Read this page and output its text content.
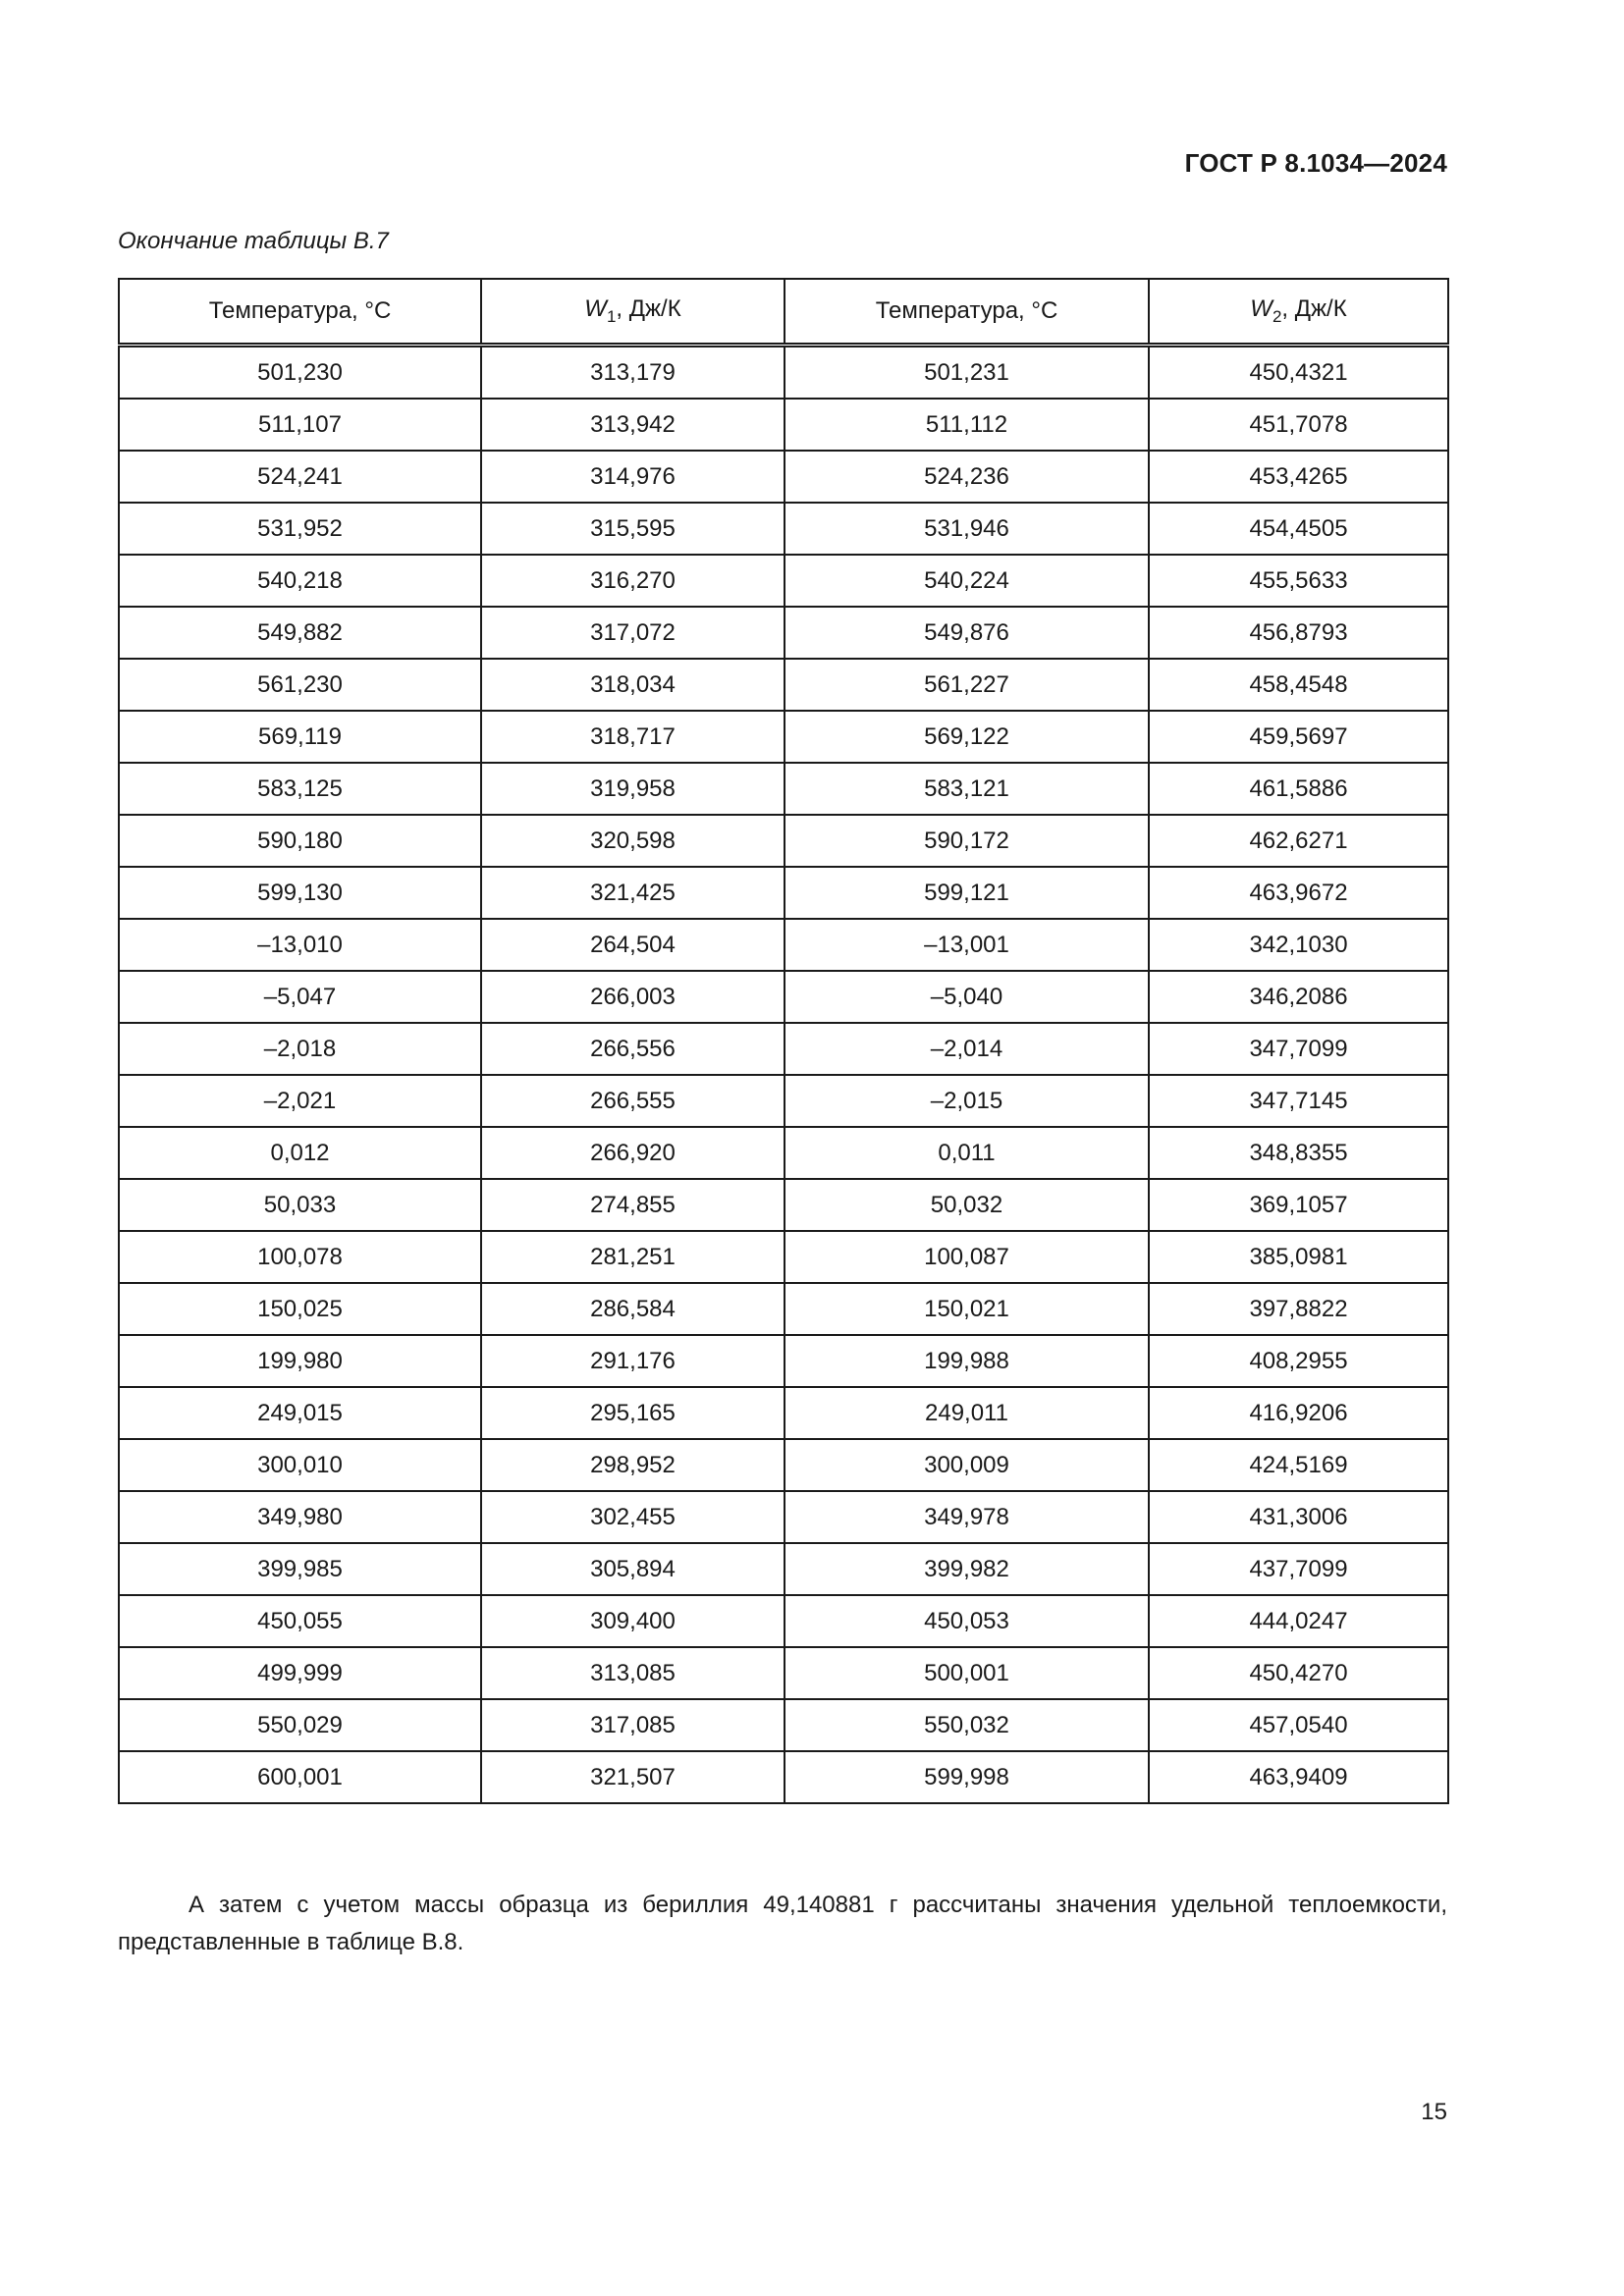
ГОСТ Р 8.1034—2024
Окончание таблицы В.7
Температура, °C	$W_1$, Дж/К	Температура, °C	$W_2$, Дж/К
501,230	313,179	501,231	450,4321
511,107	313,942	511,112	451,7078
524,241	314,976	524,236	453,4265
531,952	315,595	531,946	454,4505
540,218	316,270	540,224	455,5633
549,882	317,072	549,876	456,8793
561,230	318,034	561,227	458,4548
569,119	318,717	569,122	459,5697
583,125	319,958	583,121	461,5886
590,180	320,598	590,172	462,6271
599,130	321,425	599,121	463,9672
–13,010	264,504	–13,001	342,1030
–5,047	266,003	–5,040	346,2086
–2,018	266,556	–2,014	347,7099
–2,021	266,555	–2,015	347,7145
0,012	266,920	0,011	348,8355
50,033	274,855	50,032	369,1057
100,078	281,251	100,087	385,0981
150,025	286,584	150,021	397,8822
199,980	291,176	199,988	408,2955
249,015	295,165	249,011	416,9206
300,010	298,952	300,009	424,5169
349,980	302,455	349,978	431,3006
399,985	305,894	399,982	437,7099
450,055	309,400	450,053	444,0247
499,999	313,085	500,001	450,4270
550,029	317,085	550,032	457,0540
600,001	321,507	599,998	463,9409

А затем с учетом массы образца из бериллия 49,140881 г рассчитаны значения удельной теплоемкости, представленные в таблице В.8.

15
